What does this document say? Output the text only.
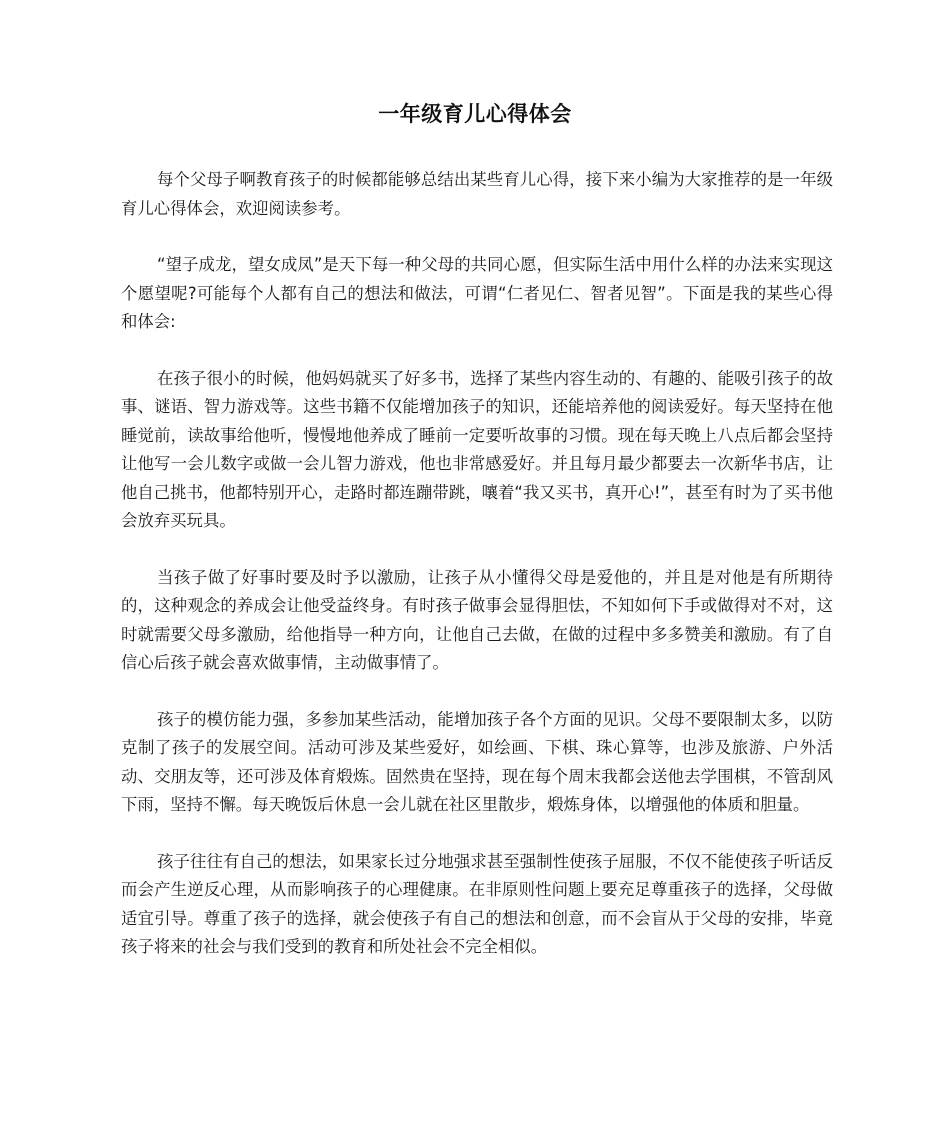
一年级育儿心得体会

每个父母子啊教育孩子的时候都能够总结出某些育儿心得，接下来小编为大家推荐的是一年级育儿心得体会，欢迎阅读参考。

“望子成龙，望女成凤”是天下每一种父母的共同心愿，但实际生活中用什么样的办法来实现这个愿望呢?可能每个人都有自己的想法和做法，可谓“仁者见仁、智者见智”。下面是我的某些心得和体会:

在孩子很小的时候，他妈妈就买了好多书，选择了某些内容生动的、有趣的、能吸引孩子的故事、谜语、智力游戏等。这些书籍不仅能增加孩子的知识，还能培养他的阅读爱好。每天坚持在他睡觉前，读故事给他听，慢慢地他养成了睡前一定要听故事的习惯。现在每天晚上八点后都会坚持让他写一会儿数字或做一会儿智力游戏，他也非常感爱好。并且每月最少都要去一次新华书店，让他自己挑书，他都特别开心，走路时都连蹦带跳，嚷着“我又买书，真开心!”，甚至有时为了买书他会放弃买玩具。

当孩子做了好事时要及时予以激励，让孩子从小懂得父母是爱他的，并且是对他是有所期待的，这种观念的养成会让他受益终身。有时孩子做事会显得胆怯，不知如何下手或做得对不对，这时就需要父母多激励，给他指导一种方向，让他自己去做，在做的过程中多多赞美和激励。有了自信心后孩子就会喜欢做事情，主动做事情了。

孩子的模仿能力强，多参加某些活动，能增加孩子各个方面的见识。父母不要限制太多，以防克制了孩子的发展空间。活动可涉及某些爱好，如绘画、下棋、珠心算等，也涉及旅游、户外活动、交朋友等，还可涉及体育煅炼。固然贵在坚持，现在每个周末我都会送他去学围棋，不管刮风下雨，坚持不懈。每天晚饭后休息一会儿就在社区里散步，煅炼身体，以增强他的体质和胆量。

孩子往往有自己的想法，如果家长过分地强求甚至强制性使孩子屈服，不仅不能使孩子听话反而会产生逆反心理，从而影响孩子的心理健康。在非原则性问题上要充足尊重孩子的选择，父母做适宜引导。尊重了孩子的选择，就会使孩子有自己的想法和创意，而不会盲从于父母的安排，毕竟孩子将来的社会与我们受到的教育和所处社会不完全相似。
